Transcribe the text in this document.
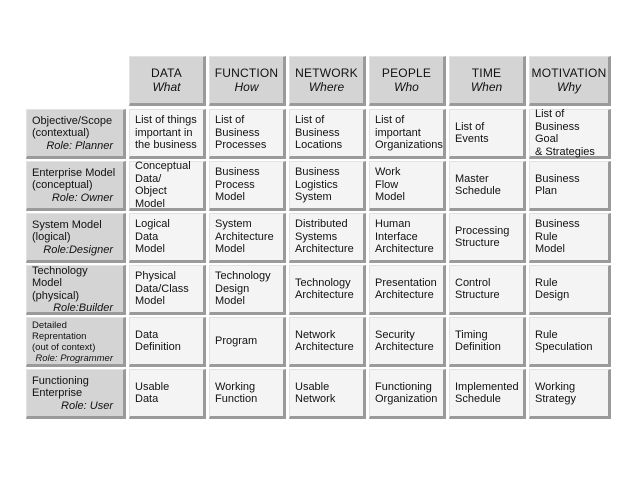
DATA
What
FUNCTION
How
NETWORK
Where
PEOPLE
Who
TIME
When
MOTIVATION
Why
Objective/Scope
(contextual)
Role: Planner
List of things
important in
the business
List of
Business
Processes
List of
Business
Locations
List of
important
Organizations
List of
Events
List of
Business Goal
& Strategies
Enterprise Model
(conceptual)
Role: Owner
Conceptual
Data/
Object Model
Business
Process
Model
Business
Logistics
System
Work
Flow
Model
Master
Schedule
Business
Plan
System Model
(logical)
Role:Designer
Logical
Data
Model
System
Architecture
Model
Distributed
Systems
Architecture
Human
Interface
Architecture
Processing
Structure
Business
Rule
Model
Technology Model
(physical)
Role:Builder
Physical
Data/Class
Model
Technology
Design
Model
Technology
Architecture
Presentation
Architecture
Control
Structure
Rule
Design
Detailed Reprentation
(out of context)
Role: Programmer
Data
Definition
Program
Network
Architecture
Security
Architecture
Timing
Definition
Rule
Speculation
Functioning
Enterprise
Role: User
Usable
Data
Working
Function
Usable
Network
Functioning
Organization
Implemented
Schedule
Working
Strategy
